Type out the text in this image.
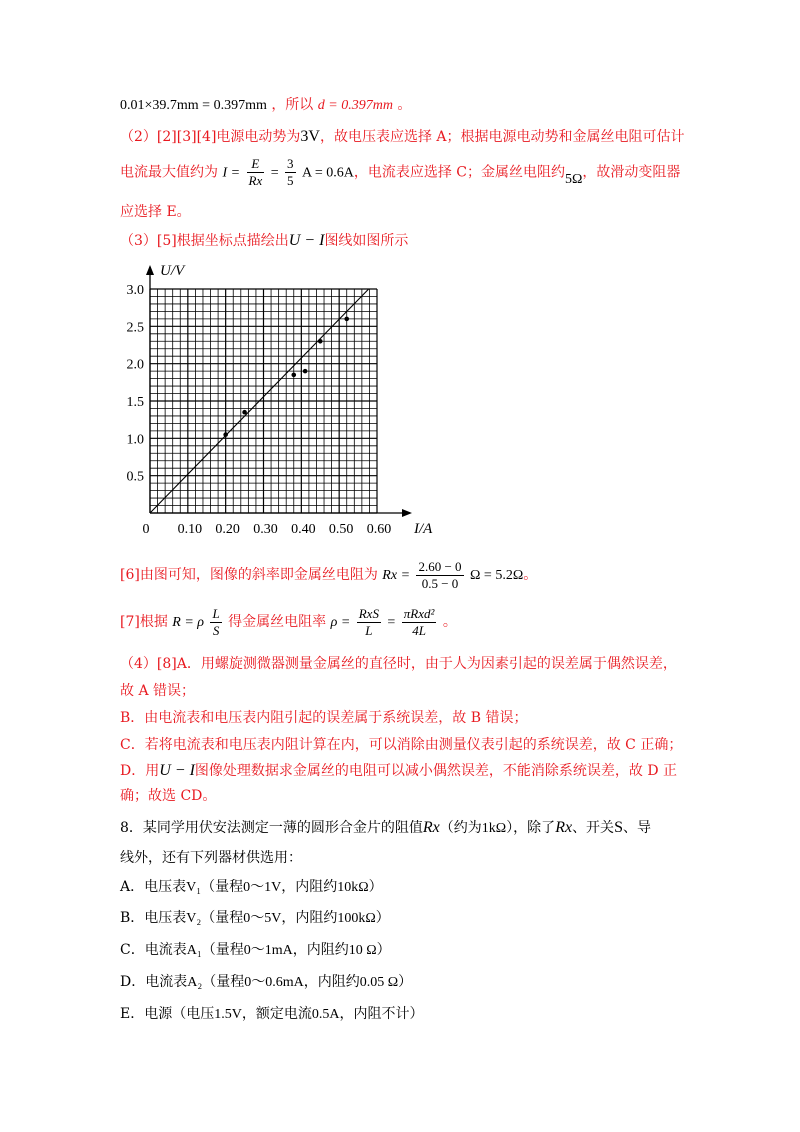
0.01×39.7mm = 0.397mm ，所以 d = 0.397mm 。
（2）[2][3][4]电源电动势为3V，故电压表应选择 A；根据电源电动势和金属丝电阻可估计
电流最大值约为 $I = \frac{E}{Rx} = \frac{3}{5}$ A = 0.6A，电流表应选择 C；金属丝电阻约5Ω，故滑动变阻器
应选择 E。
（3）[5]根据坐标点描绘出U − I图线如图所示
0 0.10 0.20 0.30 0.40 0.50 0.60
0.5
1.0
1.5
2.0
2.5
3.0
I/A
U/V
[6]由图可知，图像的斜率即金属丝电阻为 $Rx = \frac{2.60 - 0}{0.5 - 0}$ Ω = 5.2Ω。
[7]根据 R = ρ $\frac{L}{S}$ 得金属丝电阻率 $\rho = \frac{\text{RxS}}{L} = \frac{\text{πRxd²}}{4L}$ 。
（4）[8]A．用螺旋测微器测量金属丝的直径时，由于人为因素引起的误差属于偶然误差，
故 A 错误；
B．由电流表和电压表内阻引起的误差属于系统误差，故 B 错误；
C．若将电流表和电压表内阻计算在内，可以消除由测量仪表引起的系统误差，故 C 正确；
D．用U − I图像处理数据求金属丝的电阻可以减小偶然误差，不能消除系统误差，故 D 正
确；故选 CD。
8．某同学用伏安法测定一薄的圆形合金片的阻值Rx（约为1kΩ），除了Rx、开关S、导
线外，还有下列器材供选用：
A．电压表V₁（量程0～1V，内阻约10kΩ）
B．电压表V₂（量程0～5V，内阻约100kΩ）
C．电流表A₁（量程0～1mA，内阻约10 Ω）
D．电流表A₂（量程0～0.6mA，内阻约0.05 Ω）
E．电源（电压1.5V，额定电流0.5A，内阻不计）
